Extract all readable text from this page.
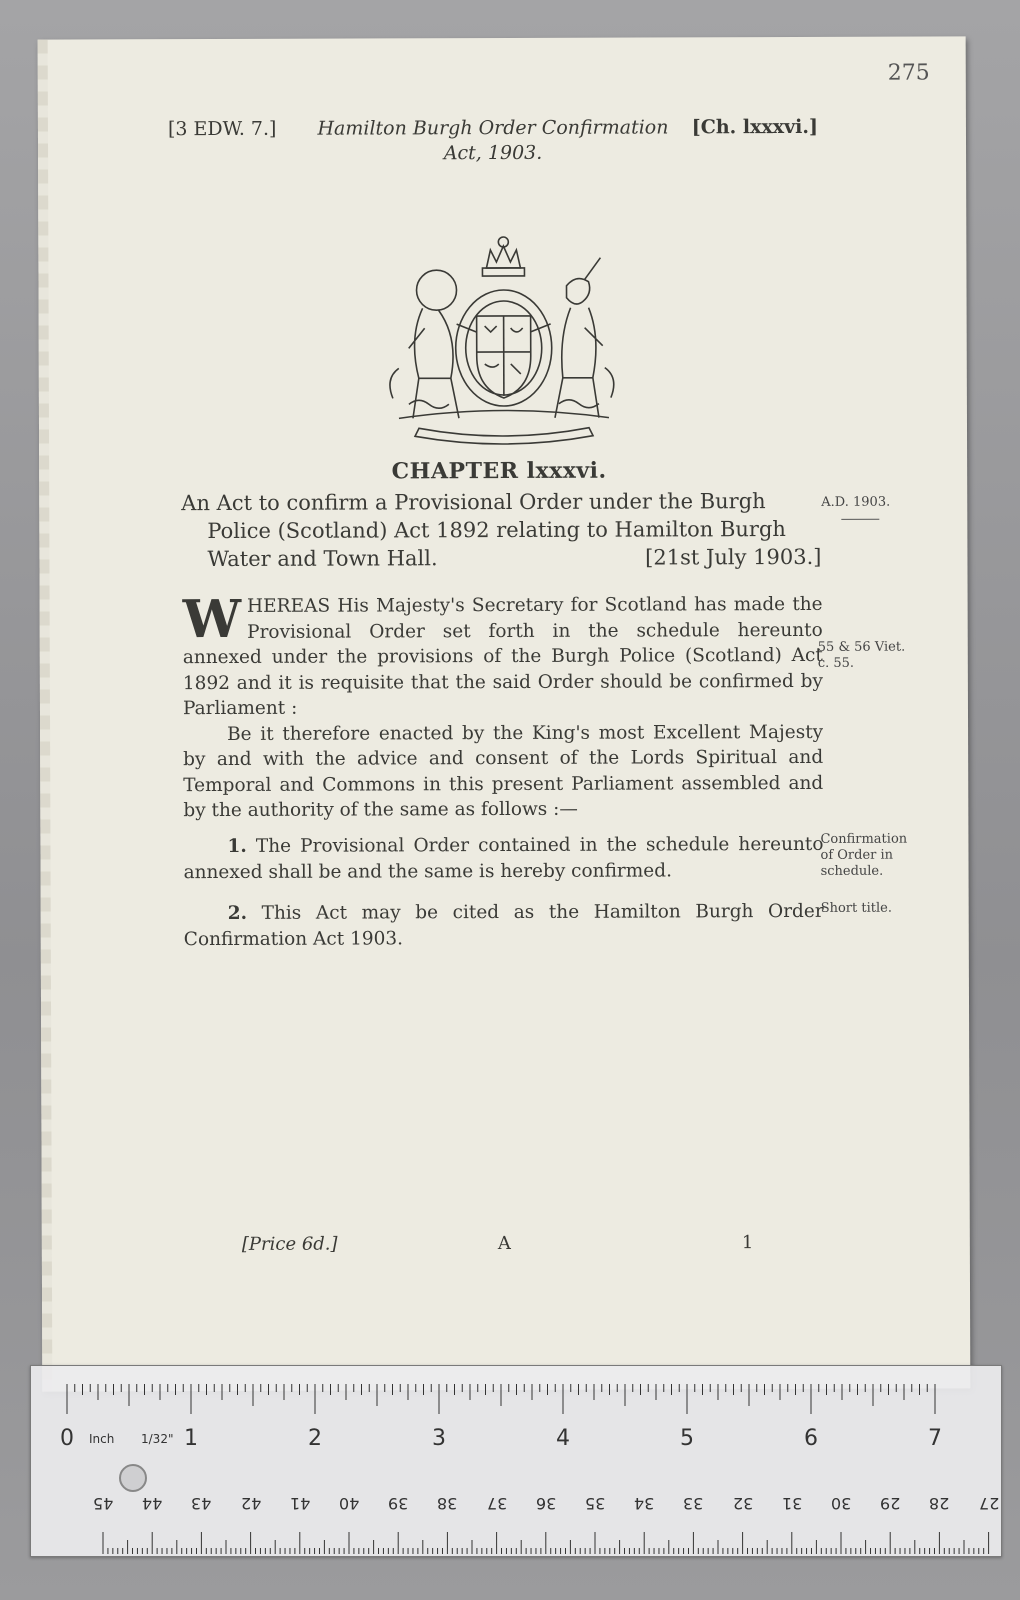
275
[3 EDW. 7.] Hamilton Burgh Order Confirmation
Act, 1903.
[Ch. lxxxvi.]
CHAPTER lxxxvi.
An Act to confirm a Provisional Order under the Burgh
Police (Scotland) Act 1892 relating to Hamilton Burgh
Water and Town Hall.	[21st July 1903.]
A.D. 1903.
WHEREAS His Majesty's Secretary for Scotland has made the Provisional Order set forth in the schedule hereunto annexed under the provisions of the Burgh Police (Scotland) Act 1892 and it is requisite that the said Order should be confirmed by Parliament :
Be it therefore enacted by the King's most Excellent Majesty by and with the advice and consent of the Lords Spiritual and Temporal and Commons in this present Parliament assembled and by the authority of the same as follows :—
55 & 56 Viet.
c. 55.
1. The Provisional Order contained in the schedule hereunto annexed shall be and the same is hereby confirmed.
Confirmation
of Order in
schedule.
2. This Act may be cited as the Hamilton Burgh Order Confirmation Act 1903.
Short title.
[Price 6d.]	A	1
Inch 1/32"
0	1	2	3	4	5	6	7
45 44 43 42 41 40 39 38 37 36 35 34 33 32 31 30 29 28 27
